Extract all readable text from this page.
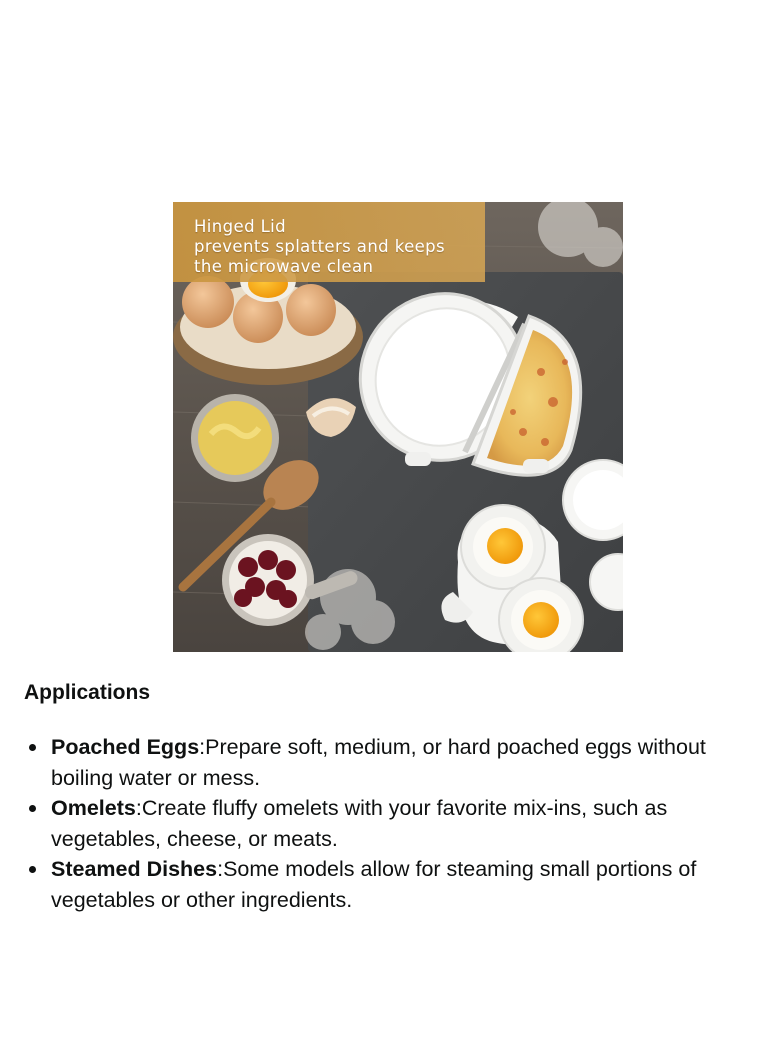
Hinged Lid
prevents splatters and keeps
the microwave clean
Applications
Poached Eggs:Prepare soft, medium, or hard poached eggs without boiling water or mess.
Omelets:Create fluffy omelets with your favorite mix-ins, such as vegetables, cheese, or meats.
Steamed Dishes:Some models allow for steaming small portions of vegetables or other ingredients.
